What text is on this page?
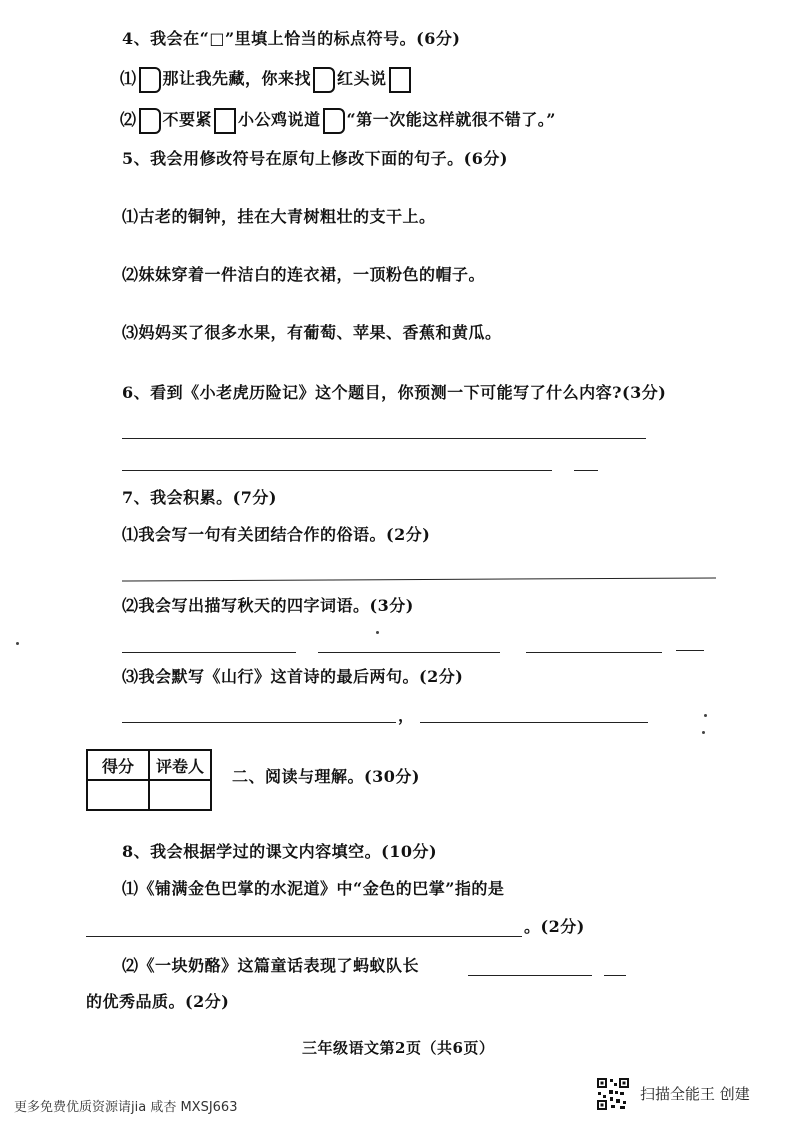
4、我会在“□”里填上恰当的标点符号。(6分)
⑴ 那让我先藏，你来找 红头说
⑵ 不要紧 小公鸡说道 “第一次能这样就很不错了。”
5、我会用修改符号在原句上修改下面的句子。(6分)
⑴古老的铜钟，挂在大青树粗壮的支干上。
⑵妹妹穿着一件洁白的连衣裙，一顶粉色的帽子。
⑶妈妈买了很多水果，有葡萄、苹果、香蕉和黄瓜。
6、看到《小老虎历险记》这个题目，你预测一下可能写了什么内容?(3分)
7、我会积累。(7分)
⑴我会写一句有关团结合作的俗语。(2分)
⑵我会写出描写秋天的四字词语。(3分)
⑶我会默写《山行》这首诗的最后两句。(2分)
，
得分	评卷人

二、阅读与理解。(30分)
8、我会根据学过的课文内容填空。(10分)
⑴《铺满金色巴掌的水泥道》中“金色的巴掌”指的是
。(2分)
⑵《一块奶酪》这篇童话表现了蚂蚁队长
的优秀品质。(2分)
三年级语文第2页（共6页）
更多免费优质资源请jia 咸杏 MXSJ663
扫描全能王 创建
